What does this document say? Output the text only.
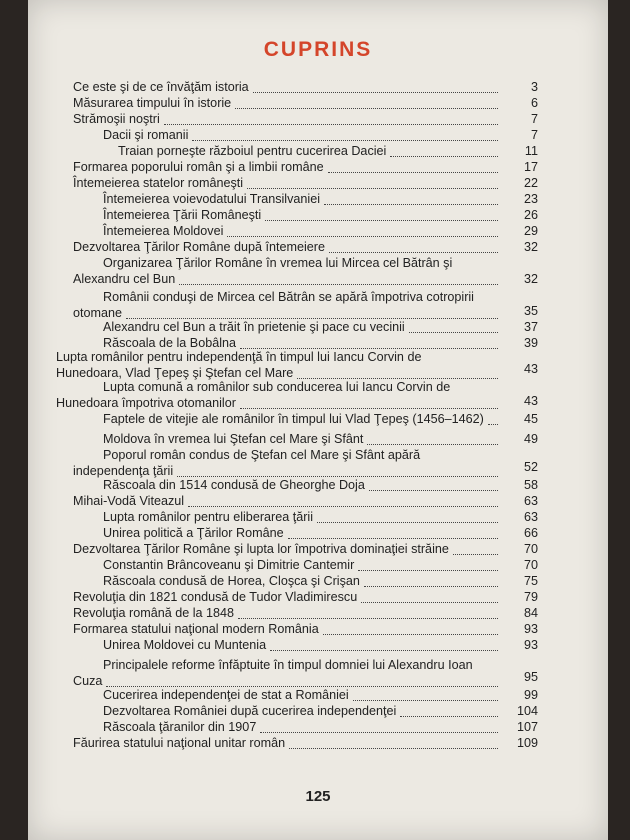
CUPRINS
Ce este şi de ce învăţăm istoria	3
Măsurarea timpului în istorie	6
Strămoşii noştri	7
Dacii şi romanii	7
Traian porneşte războiul pentru cucerirea Daciei	11
Formarea poporului român şi a limbii române	17
Întemeierea statelor româneşti	22
Întemeierea voievodatului Transilvaniei	23
Întemeierea Ţării Româneşti	26
Întemeierea Moldovei	29
Dezvoltarea Ţărilor Române după întemeiere	32
Organizarea Ţărilor Române în vremea lui Mircea cel Bătrân şi
Alexandru cel Bun	32
Românii conduşi de Mircea cel Bătrân se apără împotriva cotropirii
otomane	35
Alexandru cel Bun a trăit în prietenie şi pace cu vecinii	37
Răscoala de la Bobâlna	39
Lupta românilor pentru independenţă în timpul lui Iancu Corvin de
Hunedoara, Vlad Ţepeş şi Ştefan cel Mare	43
Lupta comună a românilor sub conducerea lui Iancu Corvin de
Hunedoara împotriva otomanilor	43
Faptele de vitejie ale românilor în timpul lui Vlad Ţepeş (1456–1462)	45
Moldova în vremea lui Ştefan cel Mare şi Sfânt	49
Poporul român condus de Ştefan cel Mare şi Sfânt apără
independenţa ţării	52
Răscoala din 1514 condusă de Gheorghe Doja	58
Mihai-Vodă Viteazul	63
Lupta românilor pentru eliberarea ţării	63
Unirea politică a Ţărilor Române	66
Dezvoltarea Ţărilor Române şi lupta lor împotriva dominaţiei străine	70
Constantin Brâncoveanu şi Dimitrie Cantemir	70
Răscoala condusă de Horea, Cloşca şi Crişan	75
Revoluţia din 1821 condusă de Tudor Vladimirescu	79
Revoluţia română de la 1848	84
Formarea statului naţional modern România	93
Unirea Moldovei cu Muntenia	93
Principalele reforme înfăptuite în timpul domniei lui Alexandru Ioan
Cuza	95
Cucerirea independenţei de stat a României	99
Dezvoltarea României după cucerirea independenţei	104
Răscoala ţăranilor din 1907	107
Făurirea statului naţional unitar român	109
125
